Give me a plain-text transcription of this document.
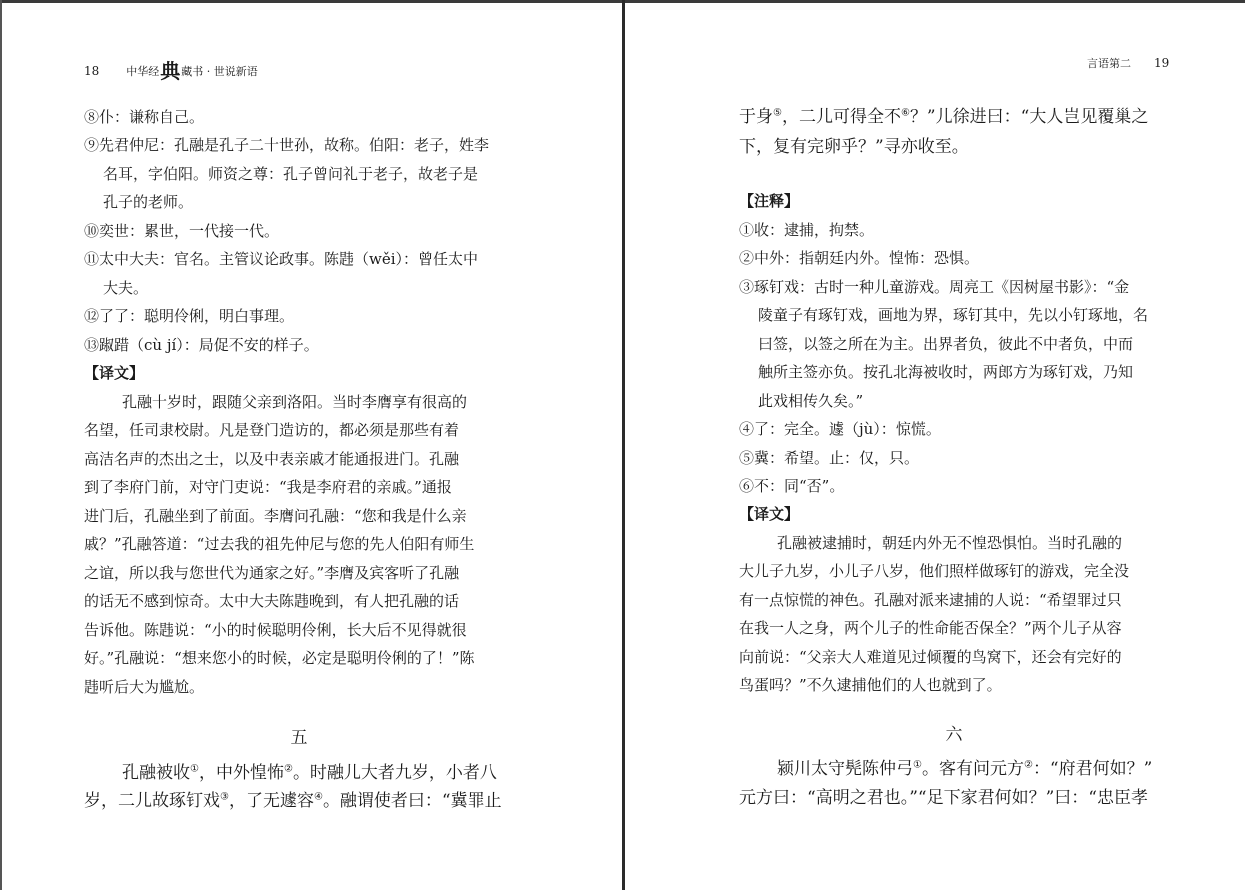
18 中华经典藏书 · 世说新语
⑧仆：谦称自己。
⑨先君仲尼：孔融是孔子二十世孙，故称。伯阳：老子，姓李
名耳，字伯阳。师资之尊：孔子曾问礼于老子，故老子是
孔子的老师。
⑩奕世：累世，一代接一代。
⑪太中大夫：官名。主管议论政事。陈韪（wěi）：曾任太中
大夫。
⑫了了：聪明伶俐，明白事理。
⑬踧踖（cù jí）：局促不安的样子。
【译文】
孔融十岁时，跟随父亲到洛阳。当时李膺享有很高的
名望，任司隶校尉。凡是登门造访的，都必须是那些有着
高洁名声的杰出之士，以及中表亲戚才能通报进门。孔融
到了李府门前，对守门吏说：“我是李府君的亲戚。”通报
进门后，孔融坐到了前面。李膺问孔融：“您和我是什么亲
戚？”孔融答道：“过去我的祖先仲尼与您的先人伯阳有师生
之谊，所以我与您世代为通家之好。”李膺及宾客听了孔融
的话无不感到惊奇。太中大夫陈韪晚到，有人把孔融的话
告诉他。陈韪说：“小的时候聪明伶俐，长大后不见得就很
好。”孔融说：“想来您小的时候，必定是聪明伶俐的了！”陈
韪听后大为尴尬。
五
孔融被收①，中外惶怖②。时融儿大者九岁，小者八
岁，二儿故琢钉戏③，了无遽容④。融谓使者曰：“冀罪止
言语第二 19
于身⑤，二儿可得全不⑥？”儿徐进曰：“大人岂见覆巢之
下，复有完卵乎？”寻亦收至。
【注释】
①收：逮捕，拘禁。
②中外：指朝廷内外。惶怖：恐惧。
③琢钉戏：古时一种儿童游戏。周亮工《因树屋书影》：“金
陵童子有琢钉戏，画地为界，琢钉其中，先以小钉琢地，名
曰签，以签之所在为主。出界者负，彼此不中者负，中而
触所主签亦负。按孔北海被收时，两郎方为琢钉戏，乃知
此戏相传久矣。”
④了：完全。遽（jù）：惊慌。
⑤冀：希望。止：仅，只。
⑥不：同“否”。
【译文】
孔融被逮捕时，朝廷内外无不惶恐惧怕。当时孔融的
大儿子九岁，小儿子八岁，他们照样做琢钉的游戏，完全没
有一点惊慌的神色。孔融对派来逮捕的人说：“希望罪过只
在我一人之身，两个儿子的性命能否保全？”两个儿子从容
向前说：“父亲大人难道见过倾覆的鸟窝下，还会有完好的
鸟蛋吗？”不久逮捕他们的人也就到了。
六
颍川太守髡陈仲弓①。客有问元方②：“府君何如？”
元方曰：“高明之君也。”“足下家君何如？”曰：“忠臣孝
